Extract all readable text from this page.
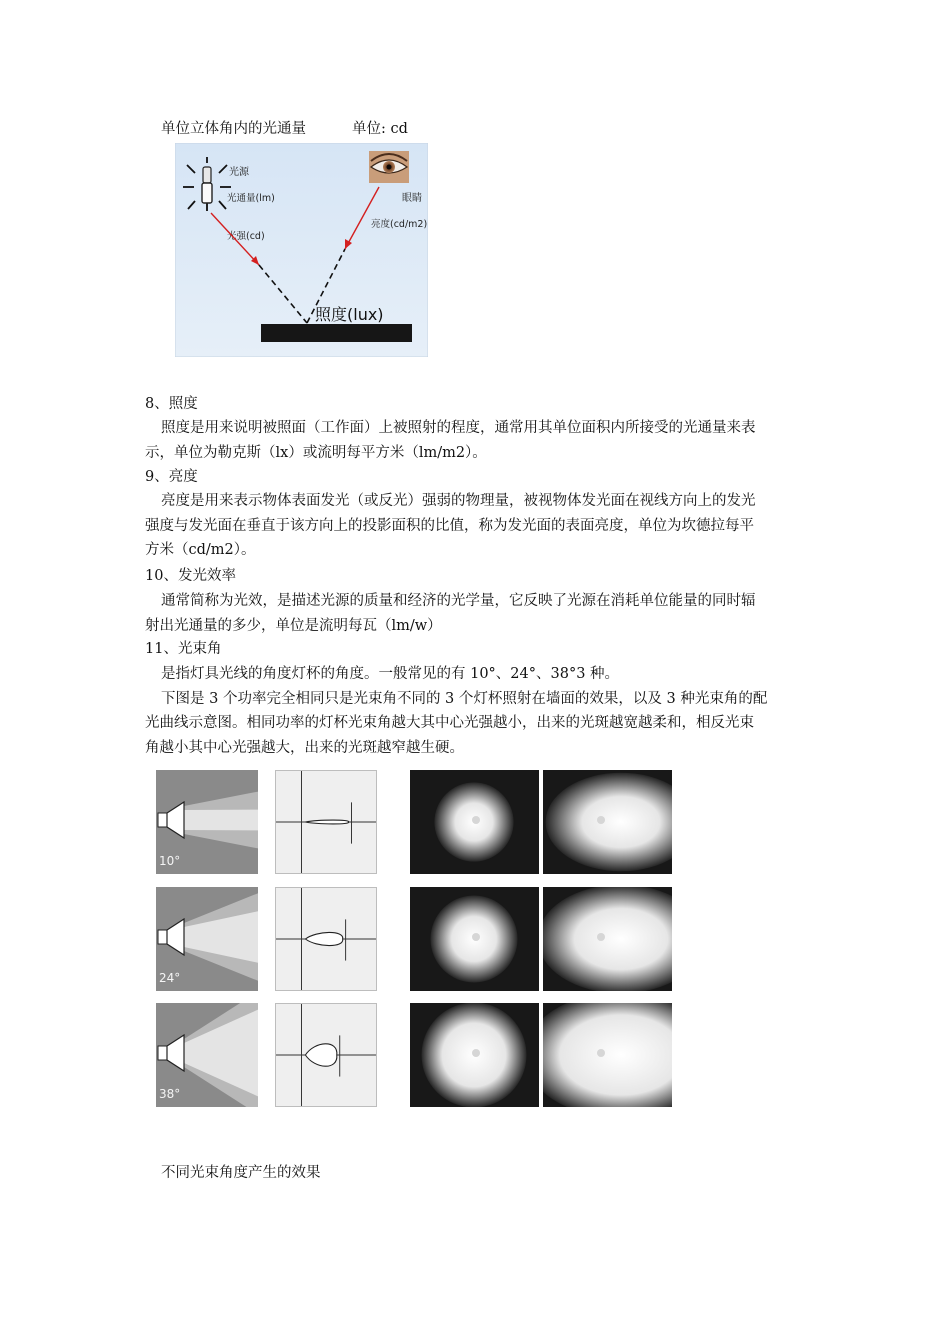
单位立体角内的光通量	单位: cd
光源
光通量(lm)
光强(cd)
眼睛
亮度(cd/m2)
照度(lux)
8、照度
照度是用来说明被照面（工作面）上被照射的程度，通常用其单位面积内所接受的光通量来表
示，单位为勒克斯（lx）或流明每平方米（lm/m2）。
9、亮度
亮度是用来表示物体表面发光（或反光）强弱的物理量，被视物体发光面在视线方向上的发光
强度与发光面在垂直于该方向上的投影面积的比值，称为发光面的表面亮度，单位为坎德拉每平
方米（cd/m2）。
10、发光效率
通常简称为光效，是描述光源的质量和经济的光学量，它反映了光源在消耗单位能量的同时辐
射出光通量的多少，单位是流明每瓦（lm/w）
11、光束角
是指灯具光线的角度灯杯的角度。一般常见的有 10°、24°、38°3 种。
下图是 3 个功率完全相同只是光束角不同的 3 个灯杯照射在墙面的效果，以及 3 种光束角的配
光曲线示意图。相同功率的灯杯光束角越大其中心光强越小，出来的光斑越宽越柔和，相反光束
角越小其中心光强越大，出来的光斑越窄越生硬。
10°
24°
38°
不同光束角度产生的效果
